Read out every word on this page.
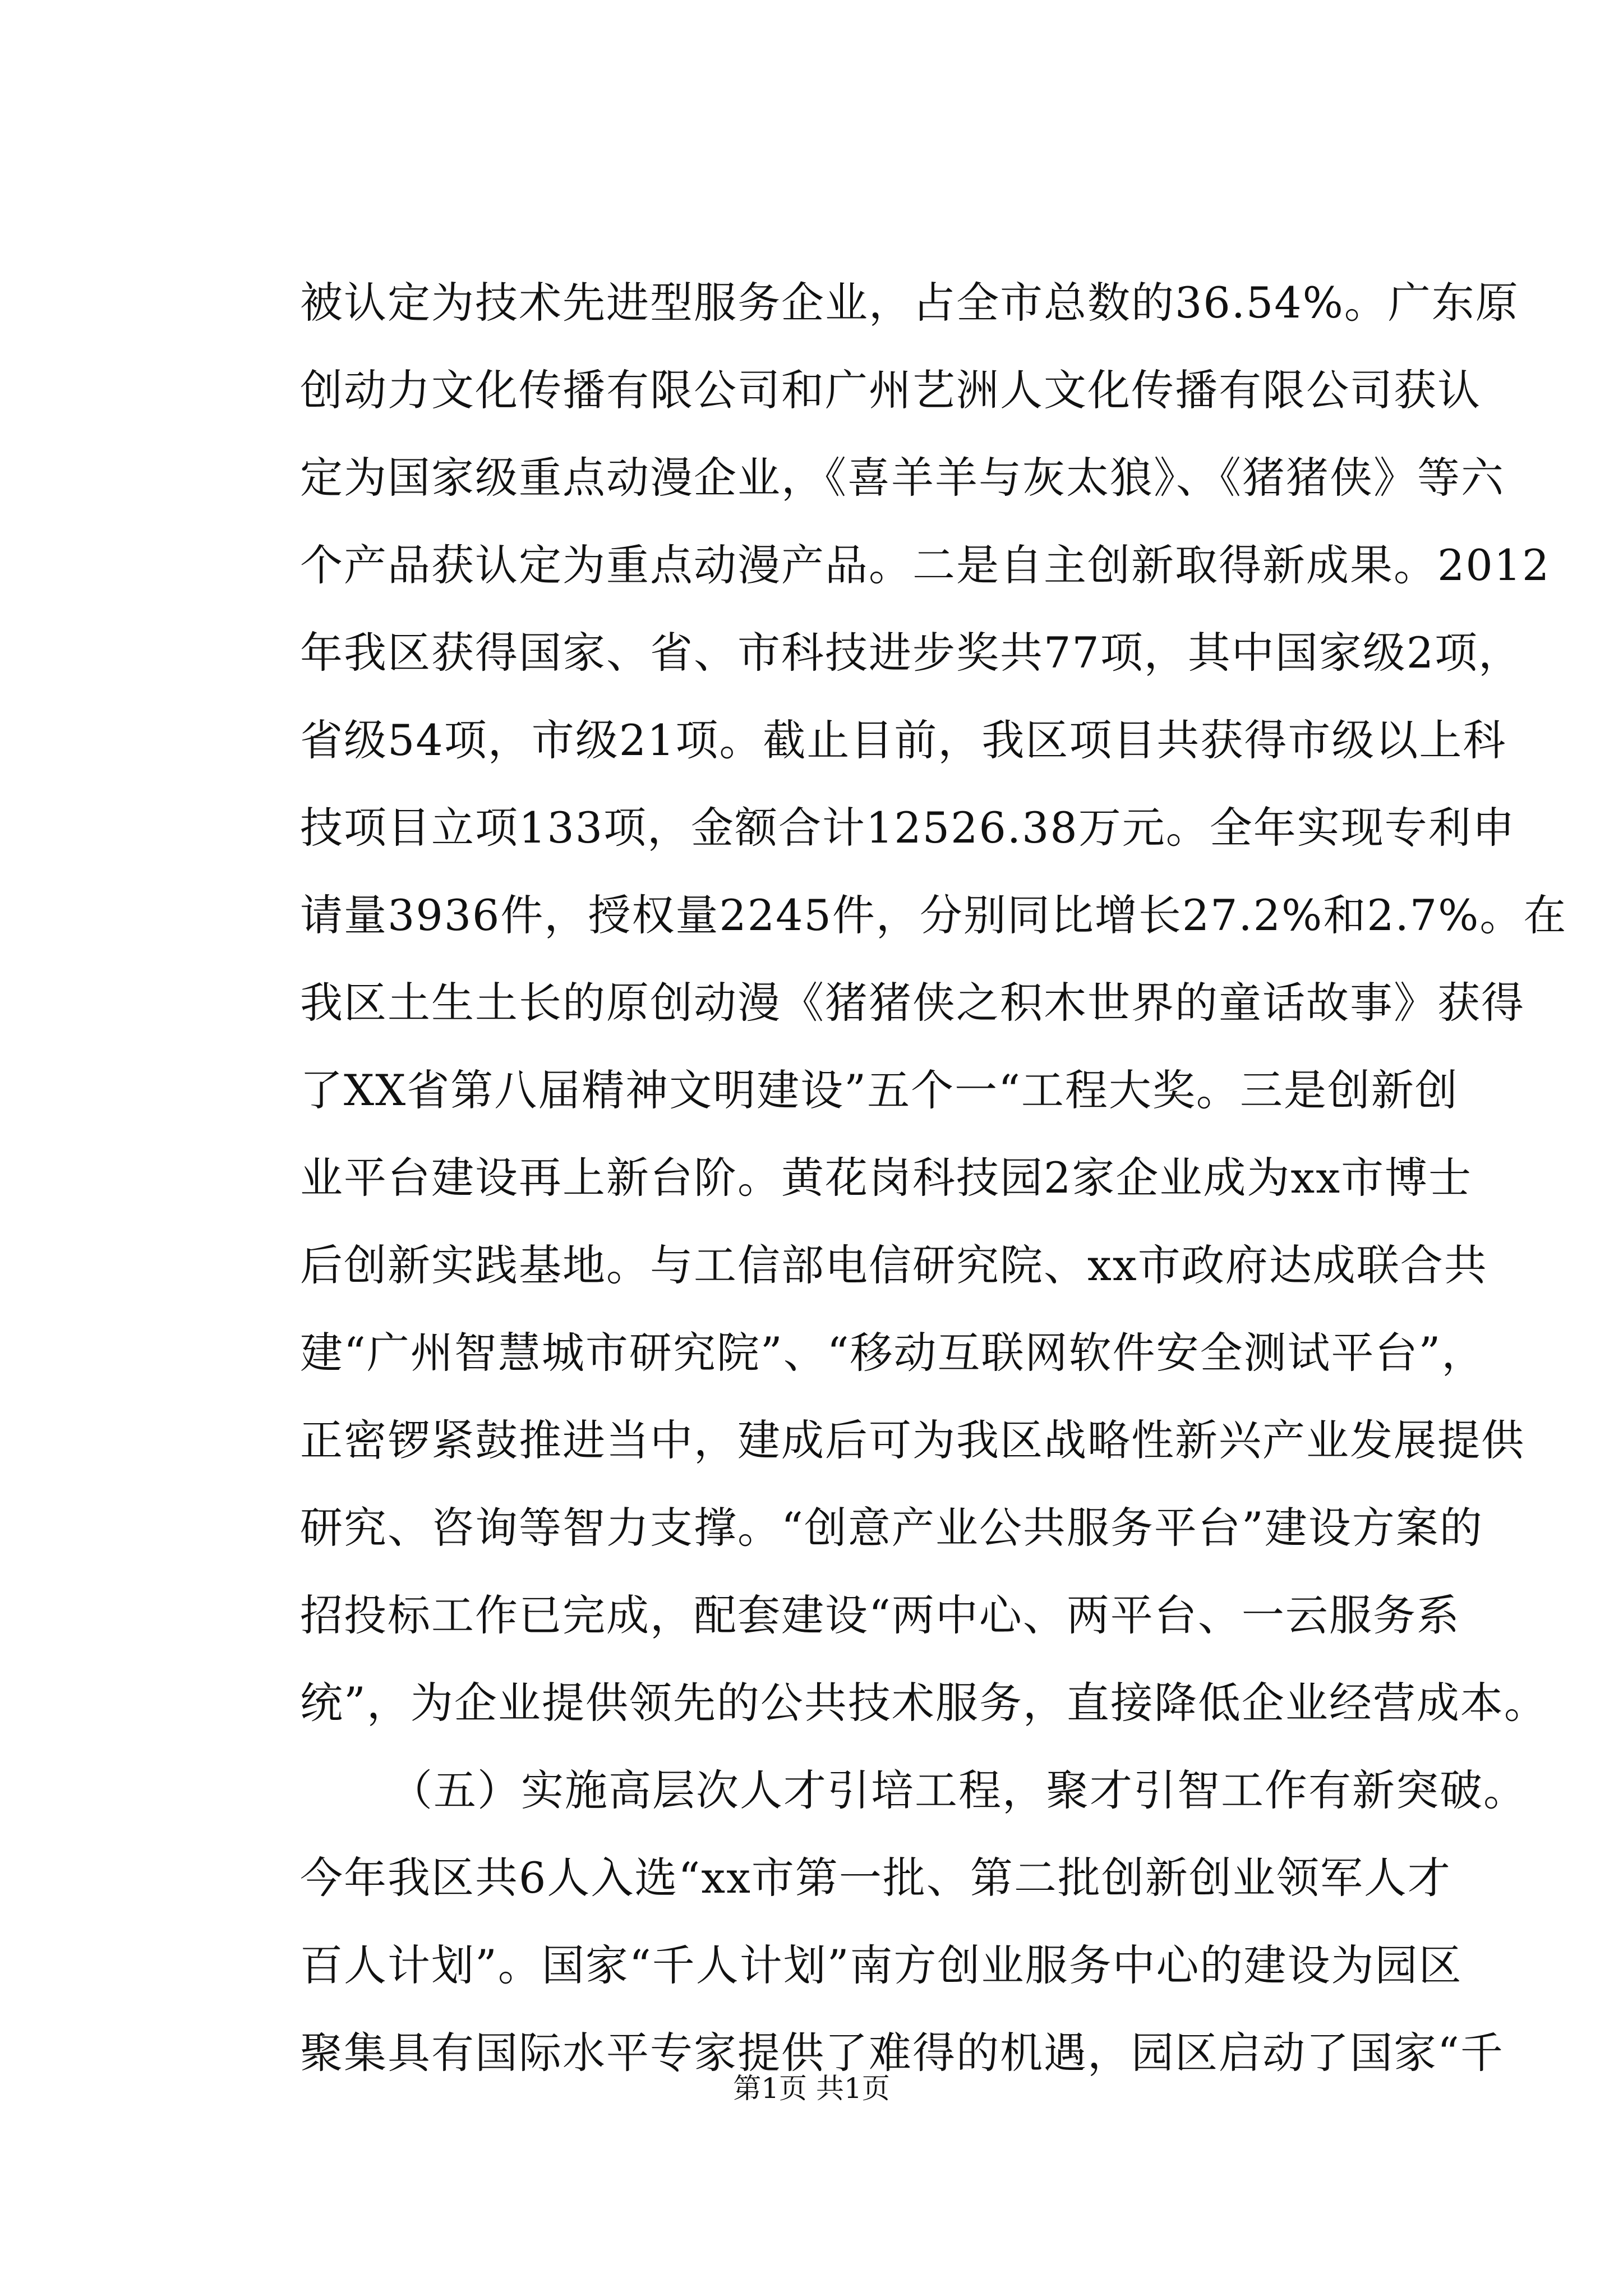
被认定为技术先进型服务企业，占全市总数的36.54%。广东原
创动力文化传播有限公司和广州艺洲人文化传播有限公司获认
定为国家级重点动漫企业，《喜羊羊与灰太狼》、《猪猪侠》等六
个产品获认定为重点动漫产品。二是自主创新取得新成果。2012
年我区获得国家、省、市科技进步奖共77项，其中国家级2项，
省级54项，市级21项。截止目前，我区项目共获得市级以上科
技项目立项133项，金额合计12526.38万元。全年实现专利申
请量3936件，授权量2245件，分别同比增长27.2%和2.7%。在
我区土生土长的原创动漫《猪猪侠之积木世界的童话故事》获得
了XX省第八届精神文明建设”五个一“工程大奖。三是创新创
业平台建设再上新台阶。黄花岗科技园2家企业成为xx市博士
后创新实践基地。与工信部电信研究院、xx市政府达成联合共
建“广州智慧城市研究院”、“移动互联网软件安全测试平台”，
正密锣紧鼓推进当中，建成后可为我区战略性新兴产业发展提供
研究、咨询等智力支撑。“创意产业公共服务平台”建设方案的
招投标工作已完成，配套建设“两中心、两平台、一云服务系
统”，为企业提供领先的公共技术服务，直接降低企业经营成本。
（五）实施高层次人才引培工程，聚才引智工作有新突破。
今年我区共6人入选“xx市第一批、第二批创新创业领军人才
百人计划”。国家“千人计划”南方创业服务中心的建设为园区
聚集具有国际水平专家提供了难得的机遇，园区启动了国家“千
第1页 共1页
